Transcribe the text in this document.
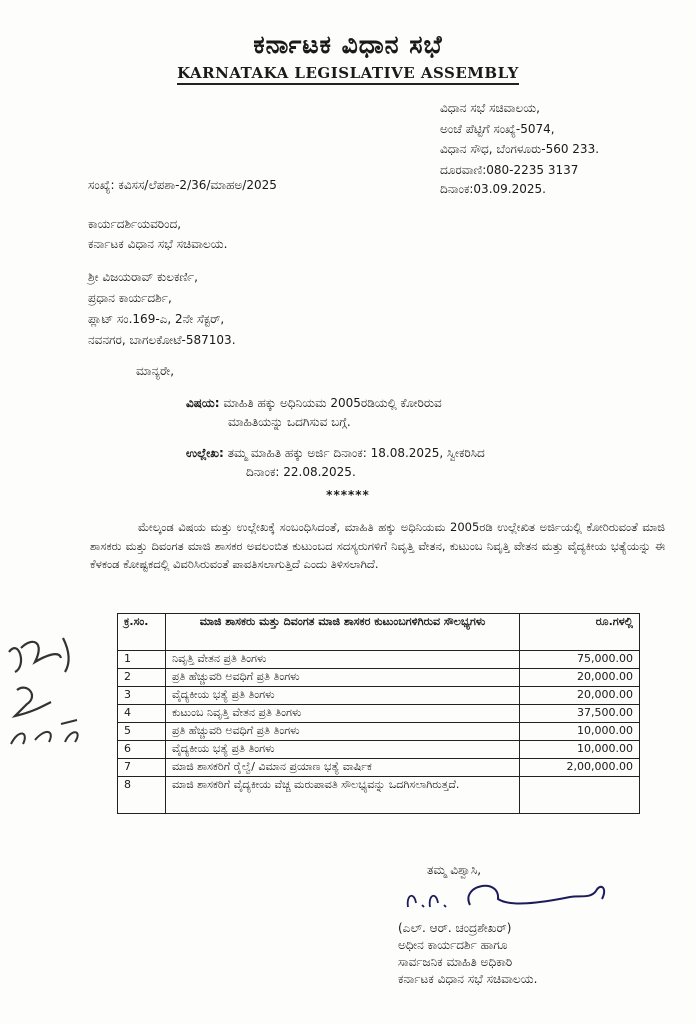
ಕರ್ನಾಟಕ ವಿಧಾನ ಸಭೆ
KARNATAKA LEGISLATIVE ASSEMBLY
ವಿಧಾನ ಸಭೆ ಸಚಿವಾಲಯ,
ಅಂಚೆ ಪೆಟ್ಟಿಗೆ ಸಂಖ್ಯೆ-5074,
ವಿಧಾನ ಸೌಧ, ಬೆಂಗಳೂರು-560 233.
ದೂರವಾಣಿ:080-2235 3137
ದಿನಾಂಕ:03.09.2025.
ಸಂಖ್ಯೆ: ಕವಿಸಸ/ಲೆಪಶಾ-2/36/ಮಾಹಅ/2025
ಕಾರ್ಯದರ್ಶಿಯವರಿಂದ,
ಕರ್ನಾಟಕ ವಿಧಾನ ಸಭೆ ಸಚಿವಾಲಯ.
ಶ್ರೀ ವಿಜಯರಾವ್ ಕುಲಕರ್ಣಿ,
ಪ್ರಧಾನ ಕಾರ್ಯದರ್ಶಿ,
ಪ್ಲಾಟ್ ಸಂ.169-ಎ, 2ನೇ ಸೆಕ್ಟರ್,
ನವನಗರ, ಬಾಗಲಕೋಟೆ-587103.
ಮಾನ್ಯರೇ,
ವಿಷಯ: ಮಾಹಿತಿ ಹಕ್ಕು ಅಧಿನಿಯಮ 2005ರಡಿಯಲ್ಲಿ ಕೋರಿರುವ
ಮಾಹಿತಿಯನ್ನು ಒದಗಿಸುವ ಬಗ್ಗೆ.
ಉಲ್ಲೇಖ: ತಮ್ಮ ಮಾಹಿತಿ ಹಕ್ಕು ಅರ್ಜಿ ದಿನಾಂಕ: 18.08.2025, ಸ್ವೀಕರಿಸಿದ
ದಿನಾಂಕ: 22.08.2025.
******
ಮೇಲ್ಕಂಡ ವಿಷಯ ಮತ್ತು ಉಲ್ಲೇಖಕ್ಕೆ ಸಂಬಂಧಿಸಿದಂತೆ, ಮಾಹಿತಿ ಹಕ್ಕು ಅಧಿನಿಯಮ 2005ರಡಿ ಉಲ್ಲೇಖಿತ ಅರ್ಜಿಯಲ್ಲಿ ಕೋರಿರುವಂತೆ ಮಾಜಿ ಶಾಸಕರು ಮತ್ತು ದಿವಂಗತ ಮಾಜಿ ಶಾಸಕರ ಅವಲಂಬಿತ ಕುಟುಂಬದ ಸದಸ್ಯರುಗಳಿಗೆ ನಿವೃತ್ತಿ ವೇತನ, ಕುಟುಂಬ ನಿವೃತ್ತಿ ವೇತನ ಮತ್ತು ವೈದ್ಯಕೀಯ ಭತ್ಯೆಯನ್ನು ಈ ಕೆಳಕಂಡ ಕೋಷ್ಟಕದಲ್ಲಿ ವಿವರಿಸಿರುವಂತೆ ಪಾವತಿಸಲಾಗುತ್ತಿದೆ ಎಂದು ತಿಳಿಸಲಾಗಿದೆ.
ಕ್ರ.ಸಂ.	ಮಾಜಿ ಶಾಸಕರು ಮತ್ತು ದಿವಂಗತ ಮಾಜಿ ಶಾಸಕರ ಕುಟುಂಬಗಳಿಗಿರುವ ಸೌಲಭ್ಯಗಳು	ರೂ.ಗಳಲ್ಲಿ
1	ನಿವೃತ್ತಿ ವೇತನ ಪ್ರತಿ ತಿಂಗಳು	75,000.00
2	ಪ್ರತಿ ಹೆಚ್ಚುವರಿ ಅವಧಿಗೆ ಪ್ರತಿ ತಿಂಗಳು	20,000.00
3	ವೈದ್ಯಕೀಯ ಭತ್ಯೆ ಪ್ರತಿ ತಿಂಗಳು	20,000.00
4	ಕುಟುಂಬ ನಿವೃತ್ತಿ ವೇತನ ಪ್ರತಿ ತಿಂಗಳು	37,500.00
5	ಪ್ರತಿ ಹೆಚ್ಚುವರಿ ಅವಧಿಗೆ ಪ್ರತಿ ತಿಂಗಳು	10,000.00
6	ವೈದ್ಯಕೀಯ ಭತ್ಯೆ ಪ್ರತಿ ತಿಂಗಳು	10,000.00
7	ಮಾಜಿ ಶಾಸಕರಿಗೆ ರೈಲ್ವೆ/ ವಿಮಾನ ಪ್ರಯಾಣ ಭತ್ಯೆ ವಾರ್ಷಿಕ	2,00,000.00
8	ಮಾಜಿ ಶಾಸಕರಿಗೆ ವೈದ್ಯಕೀಯ ವೆಚ್ಚ ಮರುಪಾವತಿ ಸೌಲಭ್ಯವನ್ನು ಒದಗಿಸಲಾಗಿರುತ್ತದೆ.	
ತಮ್ಮ ವಿಶ್ವಾಸಿ,
(ಎಲ್. ಆರ್. ಚಂದ್ರಶೇಖರ್)
ಅಧೀನ ಕಾರ್ಯದರ್ಶಿ ಹಾಗೂ
ಸಾರ್ವಜನಿಕ ಮಾಹಿತಿ ಅಧಿಕಾರಿ
ಕರ್ನಾಟಕ ವಿಧಾನ ಸಭೆ ಸಚಿವಾಲಯ.
